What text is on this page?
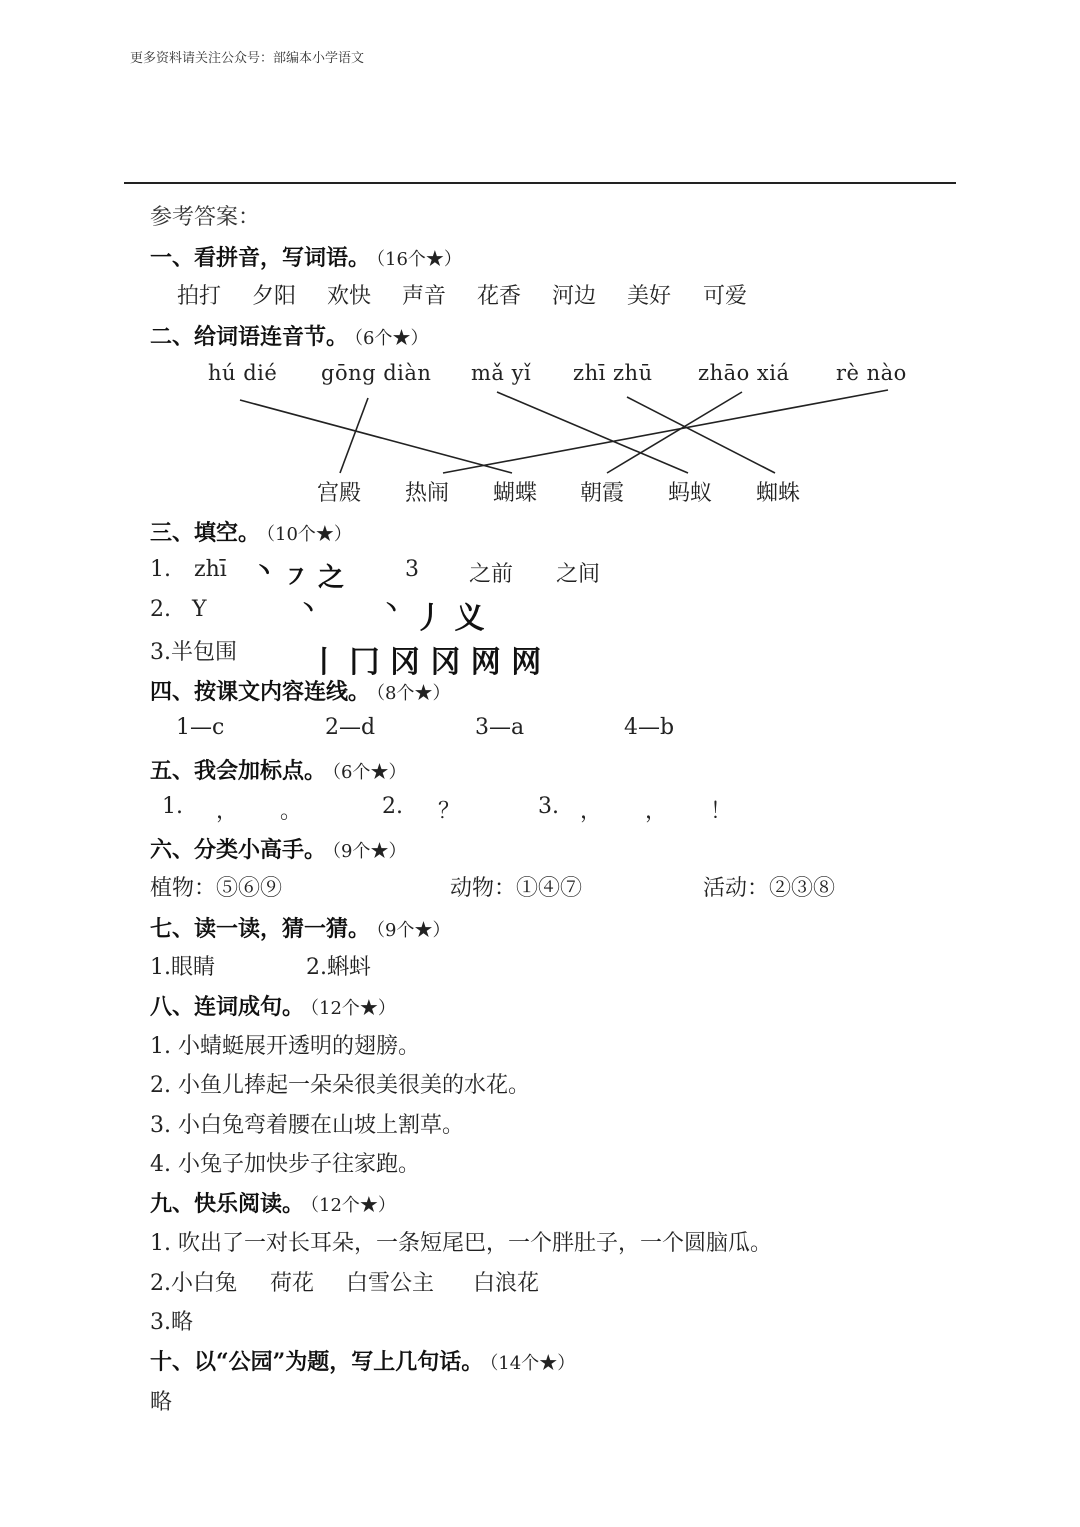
更多资料请关注公众号：部编本小学语文
参考答案：
一、看拼音，写词语。 （16个★）
拍打 夕阳 欢快 声音 花香 河边 美好 可爱
二、给词语连音节。 （6个★）
hú dié gōng diàn mǎ yǐ zhī zhū zhāo xiá rè nào
宫殿 热闹 蝴蝶 朝霞 蚂蚁 蜘蛛
三、填空。 （10个★）
1. zhī 丶 ㇇ 之	3 之前 之间
2. Y	丶	丶 丿 义
3.半包围 丨 冂 冈 冈 网 网
四、按课文内容连线。 （8个★）
1—c	2—d	3—a	4—b
五、我会加标点。 （6个★）
1. ， 。	2. ？	3. ， ， ！
六、分类小高手。 （9个★）
植物：⑤⑥⑨	动物：①④⑦	活动：②③⑧
七、读一读，猜一猜。 （9个★）
1.眼睛	2.蝌蚪
八、连词成句。 （12个★）
1. 小蜻蜓展开透明的翅膀。
2. 小鱼儿捧起一朵朵很美很美的水花。
3. 小白兔弯着腰在山坡上割草。
4. 小兔子加快步子往家跑。
九、快乐阅读。 （12个★）
1. 吹出了一对长耳朵，一条短尾巴，一个胖肚子，一个圆脑瓜。
2.小白兔 荷花 白雪公主 白浪花
3.略
十、以“公园”为题，写上几句话。 （14个★）
略
